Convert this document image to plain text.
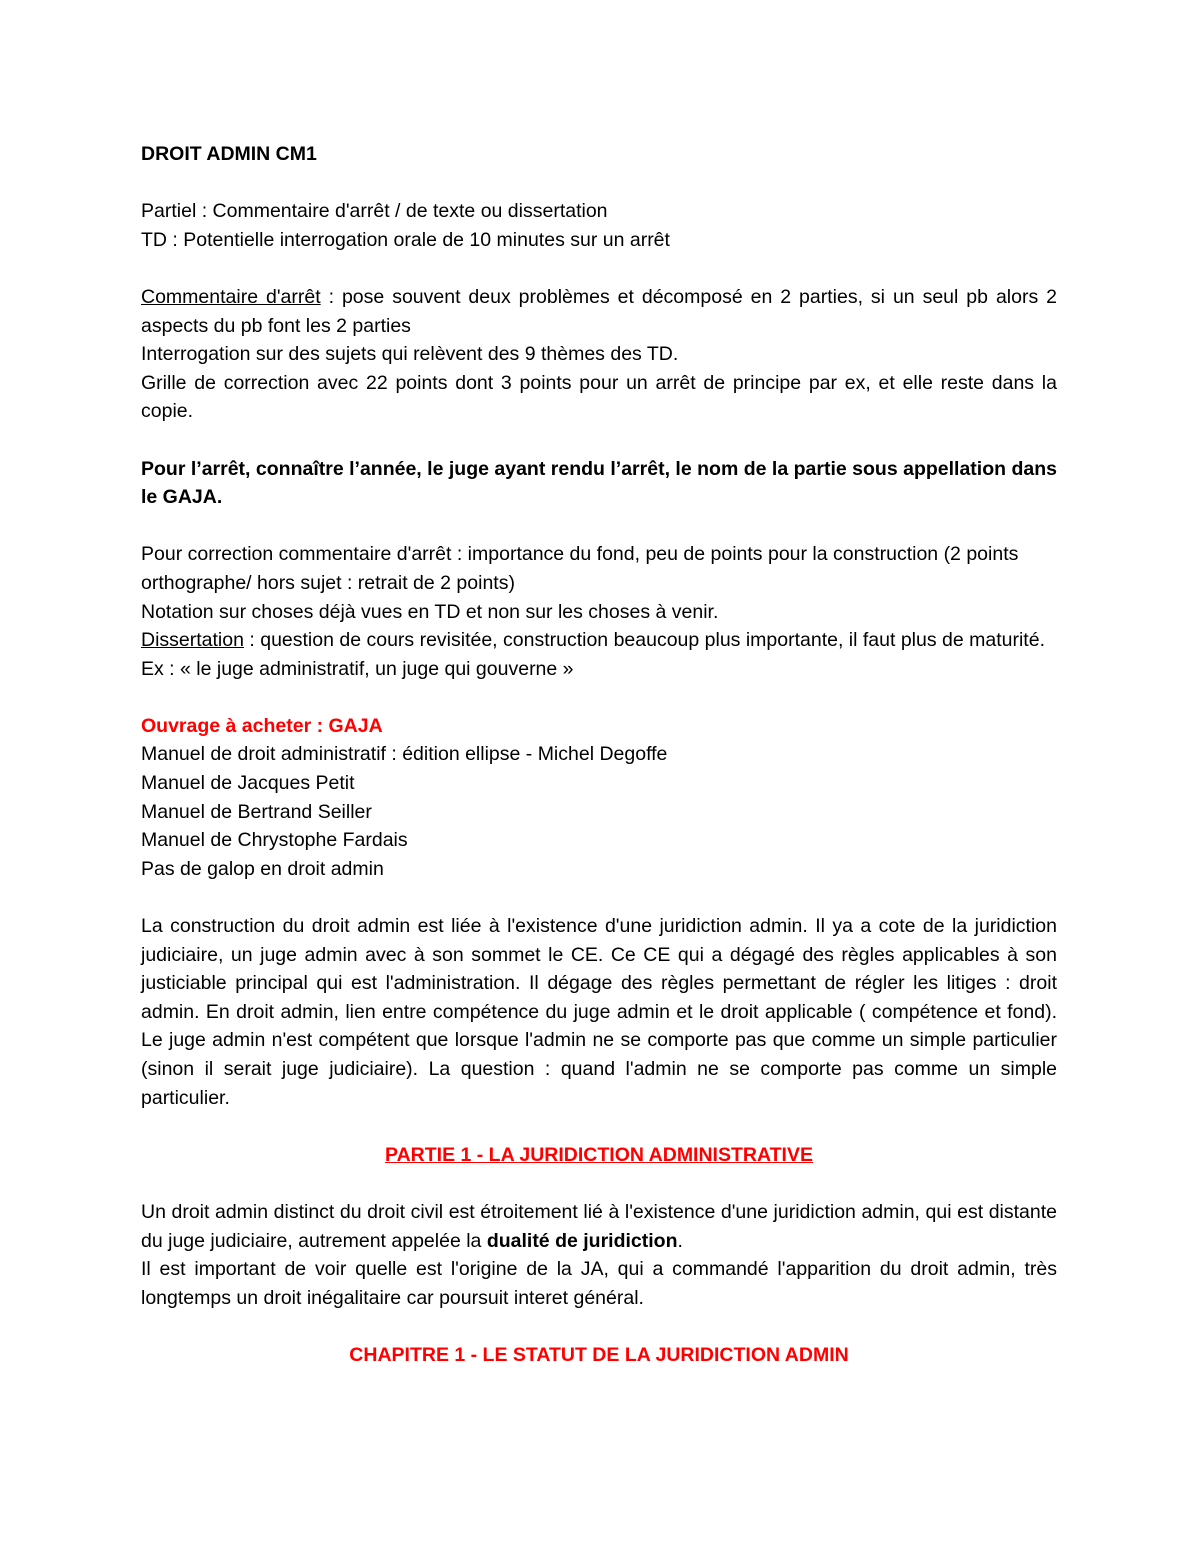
DROIT ADMIN CM1

Partiel : Commentaire d'arrêt / de texte ou dissertation

TD : Potentielle interrogation orale de 10 minutes sur un arrêt

Commentaire d'arrêt : pose souvent deux problèmes et décomposé en 2 parties, si un seul pb alors 2 aspects du pb font les 2 parties

Interrogation sur des sujets qui relèvent des 9 thèmes des TD.

Grille de correction avec 22 points dont 3 points pour un arrêt de principe par ex, et elle reste dans la copie.

Pour l’arrêt, connaître l’année, le juge ayant rendu l’arrêt, le nom de la partie sous appellation dans le GAJA.

Pour correction commentaire d'arrêt : importance du fond, peu de points pour la construction (2 points orthographe/ hors sujet : retrait de 2 points)

Notation sur choses déjà vues en TD et non sur les choses à venir.

Dissertation : question de cours revisitée, construction beaucoup plus importante, il faut plus de maturité. Ex : « le juge administratif, un juge qui gouverne »

Ouvrage à acheter : GAJA

Manuel de droit administratif : édition ellipse - Michel Degoffe

Manuel de Jacques Petit

Manuel de Bertrand Seiller

Manuel de Chrystophe Fardais

Pas de galop en droit admin

La construction du droit admin est liée à l'existence d'une juridiction admin. Il ya a cote de la juridiction judiciaire, un juge admin avec à son sommet le CE. Ce CE qui a dégagé des règles applicables à son justiciable principal qui est l'administration. Il dégage des règles permettant de régler les litiges : droit admin. En droit admin, lien entre compétence du juge admin et le droit applicable ( compétence et fond). Le juge admin n'est compétent que lorsque l'admin ne se comporte pas que comme un simple particulier (sinon il serait juge judiciaire). La question : quand l'admin ne se comporte pas comme un simple particulier.

PARTIE 1 - LA JURIDICTION ADMINISTRATIVE

Un droit admin distinct du droit civil est étroitement lié à l'existence d'une juridiction admin, qui est distante du juge judiciaire, autrement appelée la dualité de juridiction.

Il est important de voir quelle est l'origine de la JA, qui a commandé l'apparition du droit admin, très longtemps un droit inégalitaire car poursuit interet général.

CHAPITRE 1 - LE STATUT DE LA JURIDICTION ADMIN
